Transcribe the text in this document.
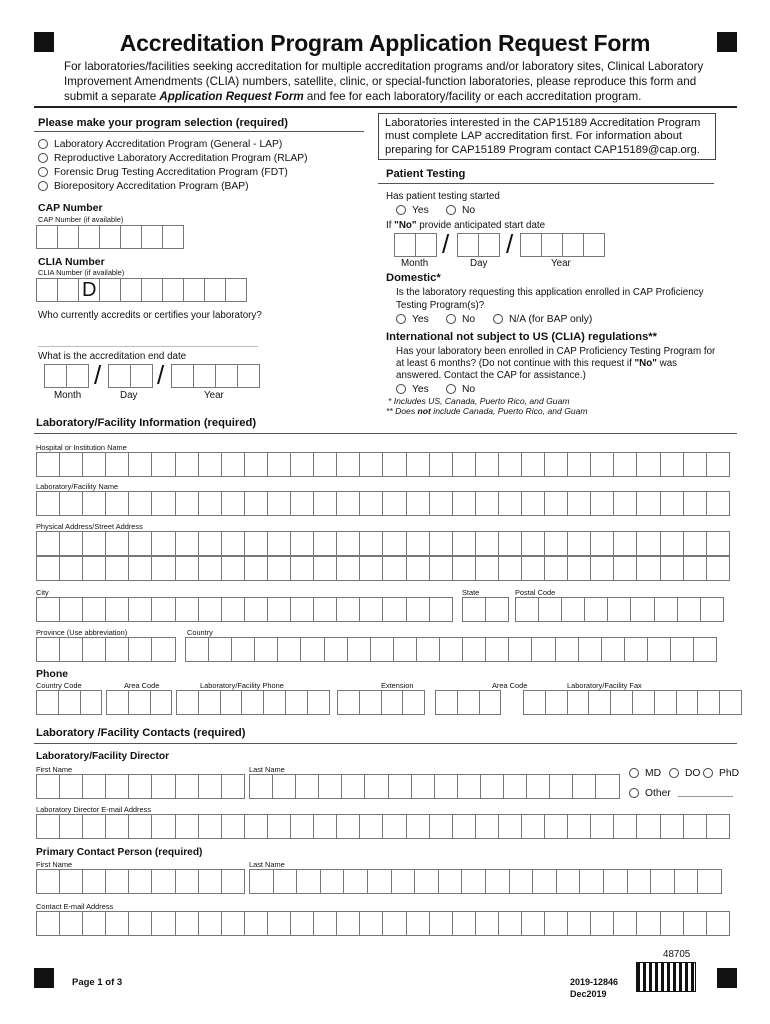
Accreditation Program Application Request Form
For laboratories/facilities seeking accreditation for multiple accreditation programs and/or laboratory sites, Clinical Laboratory Improvement Amendments (CLIA) numbers, satellite, clinic, or special-function laboratories, please reproduce this form and submit a separate Application Request Form and fee for each laboratory/facility or each accreditation program.
Please make your program selection (required)
Laboratory Accreditation Program (General - LAP)
Reproductive Laboratory Accreditation Program (RLAP)
Forensic Drug Testing Accreditation Program (FDT)
Biorepository Accreditation Program (BAP)
CAP Number
CAP Number (if available)
CLIA Number
CLIA Number (if available)
D
Who currently accredits or certifies your laboratory?
What is the accreditation end date
/ /
Month	Day	Year
Laboratories interested in the CAP15189 Accreditation Program must complete LAP accreditation first. For information about preparing for CAP15189 Program contact CAP15189@cap.org.
Patient Testing
Has patient testing started
Yes	No
If "No" provide anticipated start date
/ /
Month	Day	Year
Domestic*
Is the laboratory requesting this application enrolled in CAP Proficiency Testing Program(s)?
Yes	No	N/A (for BAP only)
International not subject to US (CLIA) regulations**
Has your laboratory been enrolled in CAP Proficiency Testing Program for at least 6 months? (Do not continue with this request if "No" was answered. Contact the CAP for assistance.)
Yes	No
* Includes US, Canada, Puerto Rico, and Guam
** Does not include Canada, Puerto Rico, and Guam
Laboratory/Facility Information (required)
Hospital or Institution Name
Laboratory/Facility Name
Physical Address/Street Address
City	State	Postal Code
Province (Use abbreviation)	Country
Phone
Country Code	Area Code	Laboratory/Facility Phone	Extension	Area Code	Laboratory/Facility Fax
Laboratory /Facility Contacts (required)
Laboratory/Facility Director
First Name	Last Name	MD DO PhD
Other
Laboratory Director E-mail Address
Primary Contact Person (required)
First Name	Last Name
Contact E-mail Address
48705
Page 1 of 3	2019-12846
Dec2019
